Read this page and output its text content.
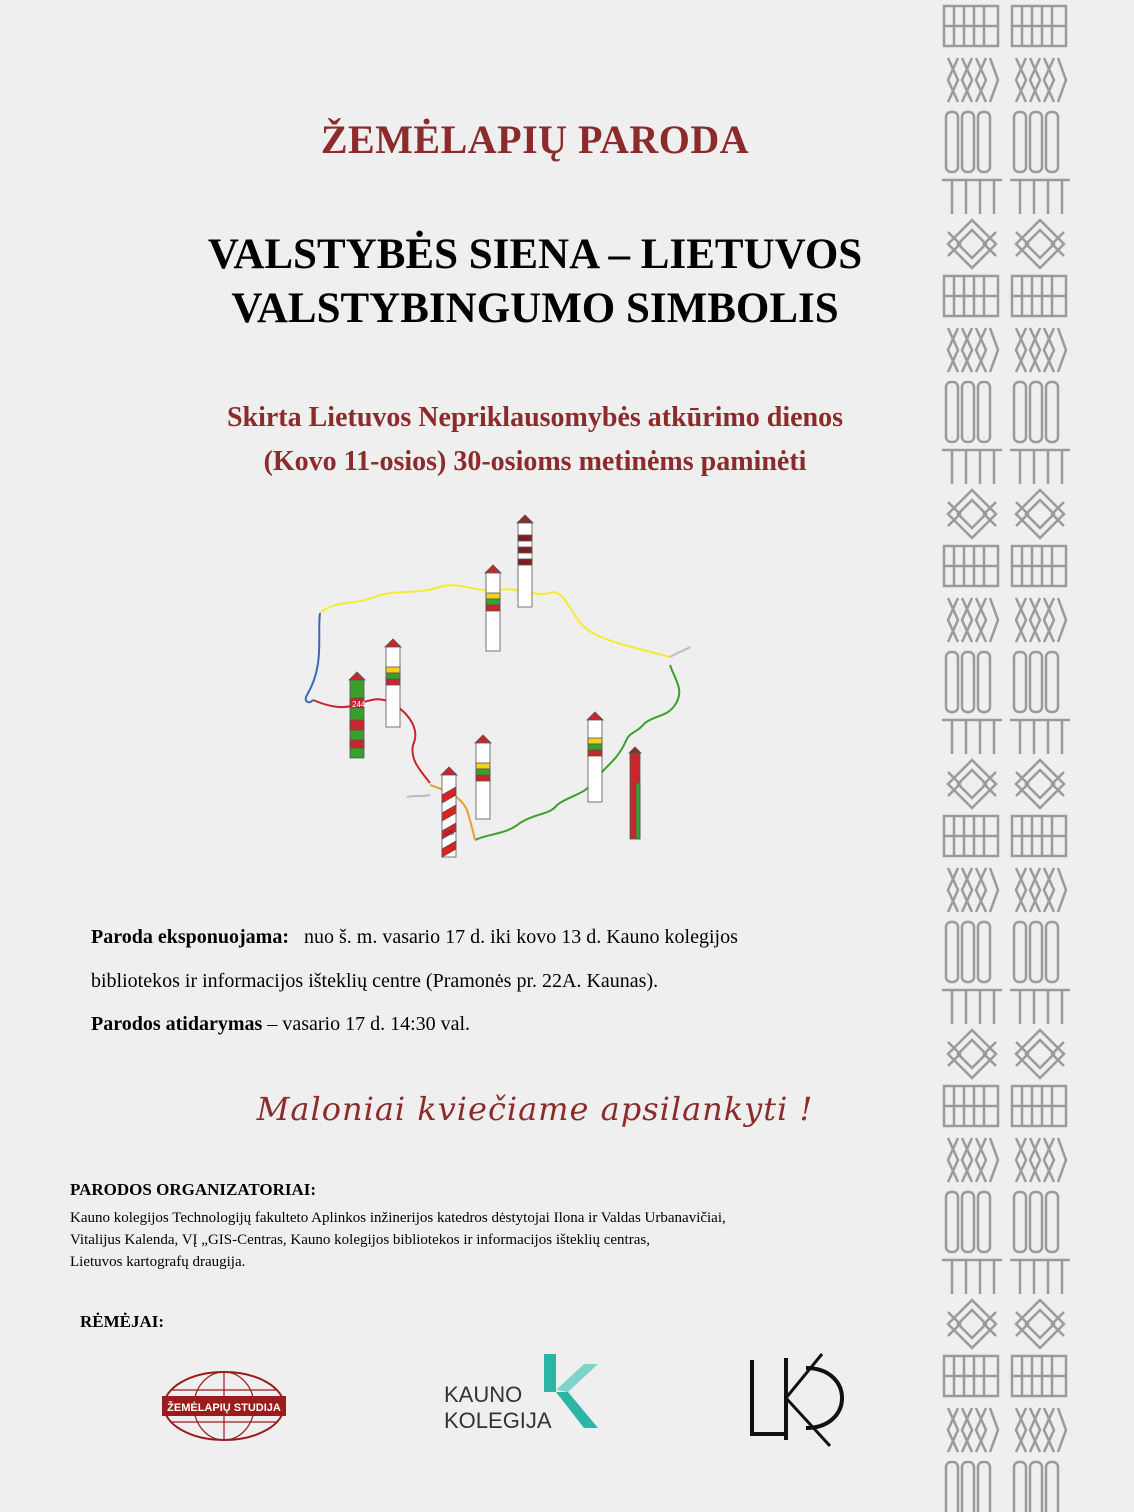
ŽEMĖLAPIŲ PARODA
VALSTYBĖS SIENA – LIETUVOS
VALSTYBINGUMO SIMBOLIS
Skirta Lietuvos Nepriklausomybės atkūrimo dienos
(Kovo 11-osios) 30-osioms metinėms paminėti
244
105
Paroda eksponuojama: nuo š. m. vasario 17 d. iki kovo 13 d. Kauno kolegijos
bibliotekos ir informacijos išteklių centre (Pramonės pr. 22A. Kaunas).
Parodos atidarymas – vasario 17 d. 14:30 val.
Maloniai kviečiame apsilankyti !
PARODOS ORGANIZATORIAI:
Kauno kolegijos Technologijų fakulteto Aplinkos inžinerijos katedros dėstytojai Ilona ir Valdas Urbanavičiai,
Vitalijus Kalenda, VĮ „GIS-Centras, Kauno kolegijos bibliotekos ir informacijos išteklių centras,
Lietuvos kartografų draugija.
RĖMĖJAI:
ŽEMĖLAPIŲ STUDIJA
KAUNO
KOLEGIJA
LKD
